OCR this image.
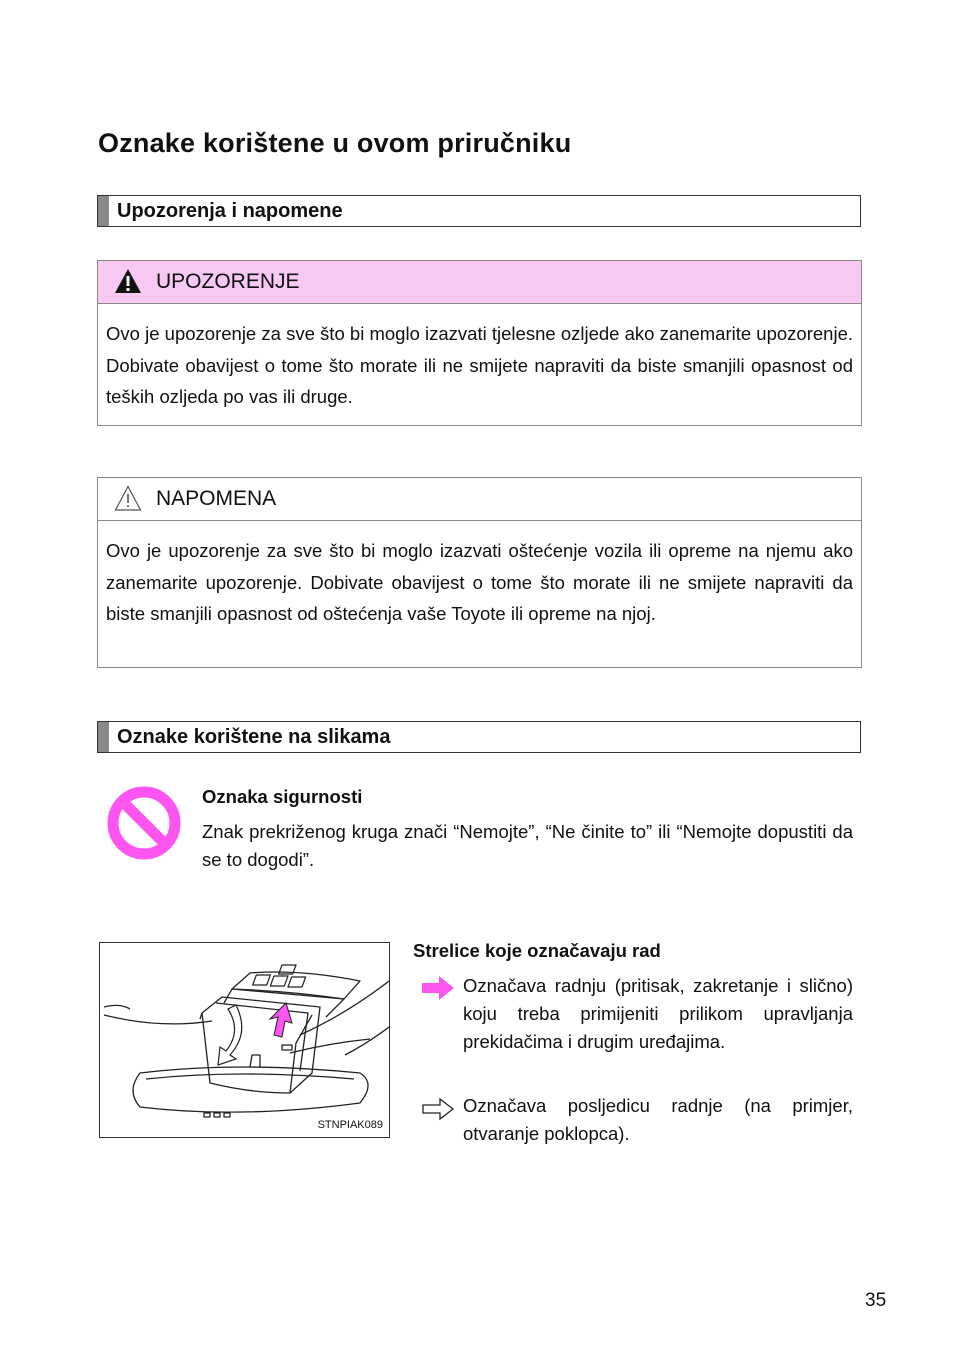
Oznake korištene u ovom priručniku
Upozorenja i napomene
UPOZORENJE
Ovo je upozorenje za sve što bi moglo izazvati tjelesne ozljede ako zanemarite upozorenje. Dobivate obavijest o tome što morate ili ne smijete napraviti da biste smanjili opasnost od teških ozljeda po vas ili druge.
NAPOMENA
Ovo je upozorenje za sve što bi moglo izazvati oštećenje vozila ili opreme na njemu ako zanemarite upozorenje. Dobivate obavijest o tome što morate ili ne smijete napraviti da biste smanjili opasnost od oštećenja vaše Toyote ili opreme na njoj.
Oznake korištene na slikama
Oznaka sigurnosti
Znak prekriženog kruga znači “Nemojte”, “Ne činite to” ili “Nemojte dopustiti da se to dogodi”.
STNPIAK089
Strelice koje označavaju rad
Označava radnju (pritisak, zakretanje i slično) koju treba primijeniti prilikom upravljanja prekidačima i drugim uređajima.
Označava posljedicu radnje (na primjer, otvaranje poklopca).
35
